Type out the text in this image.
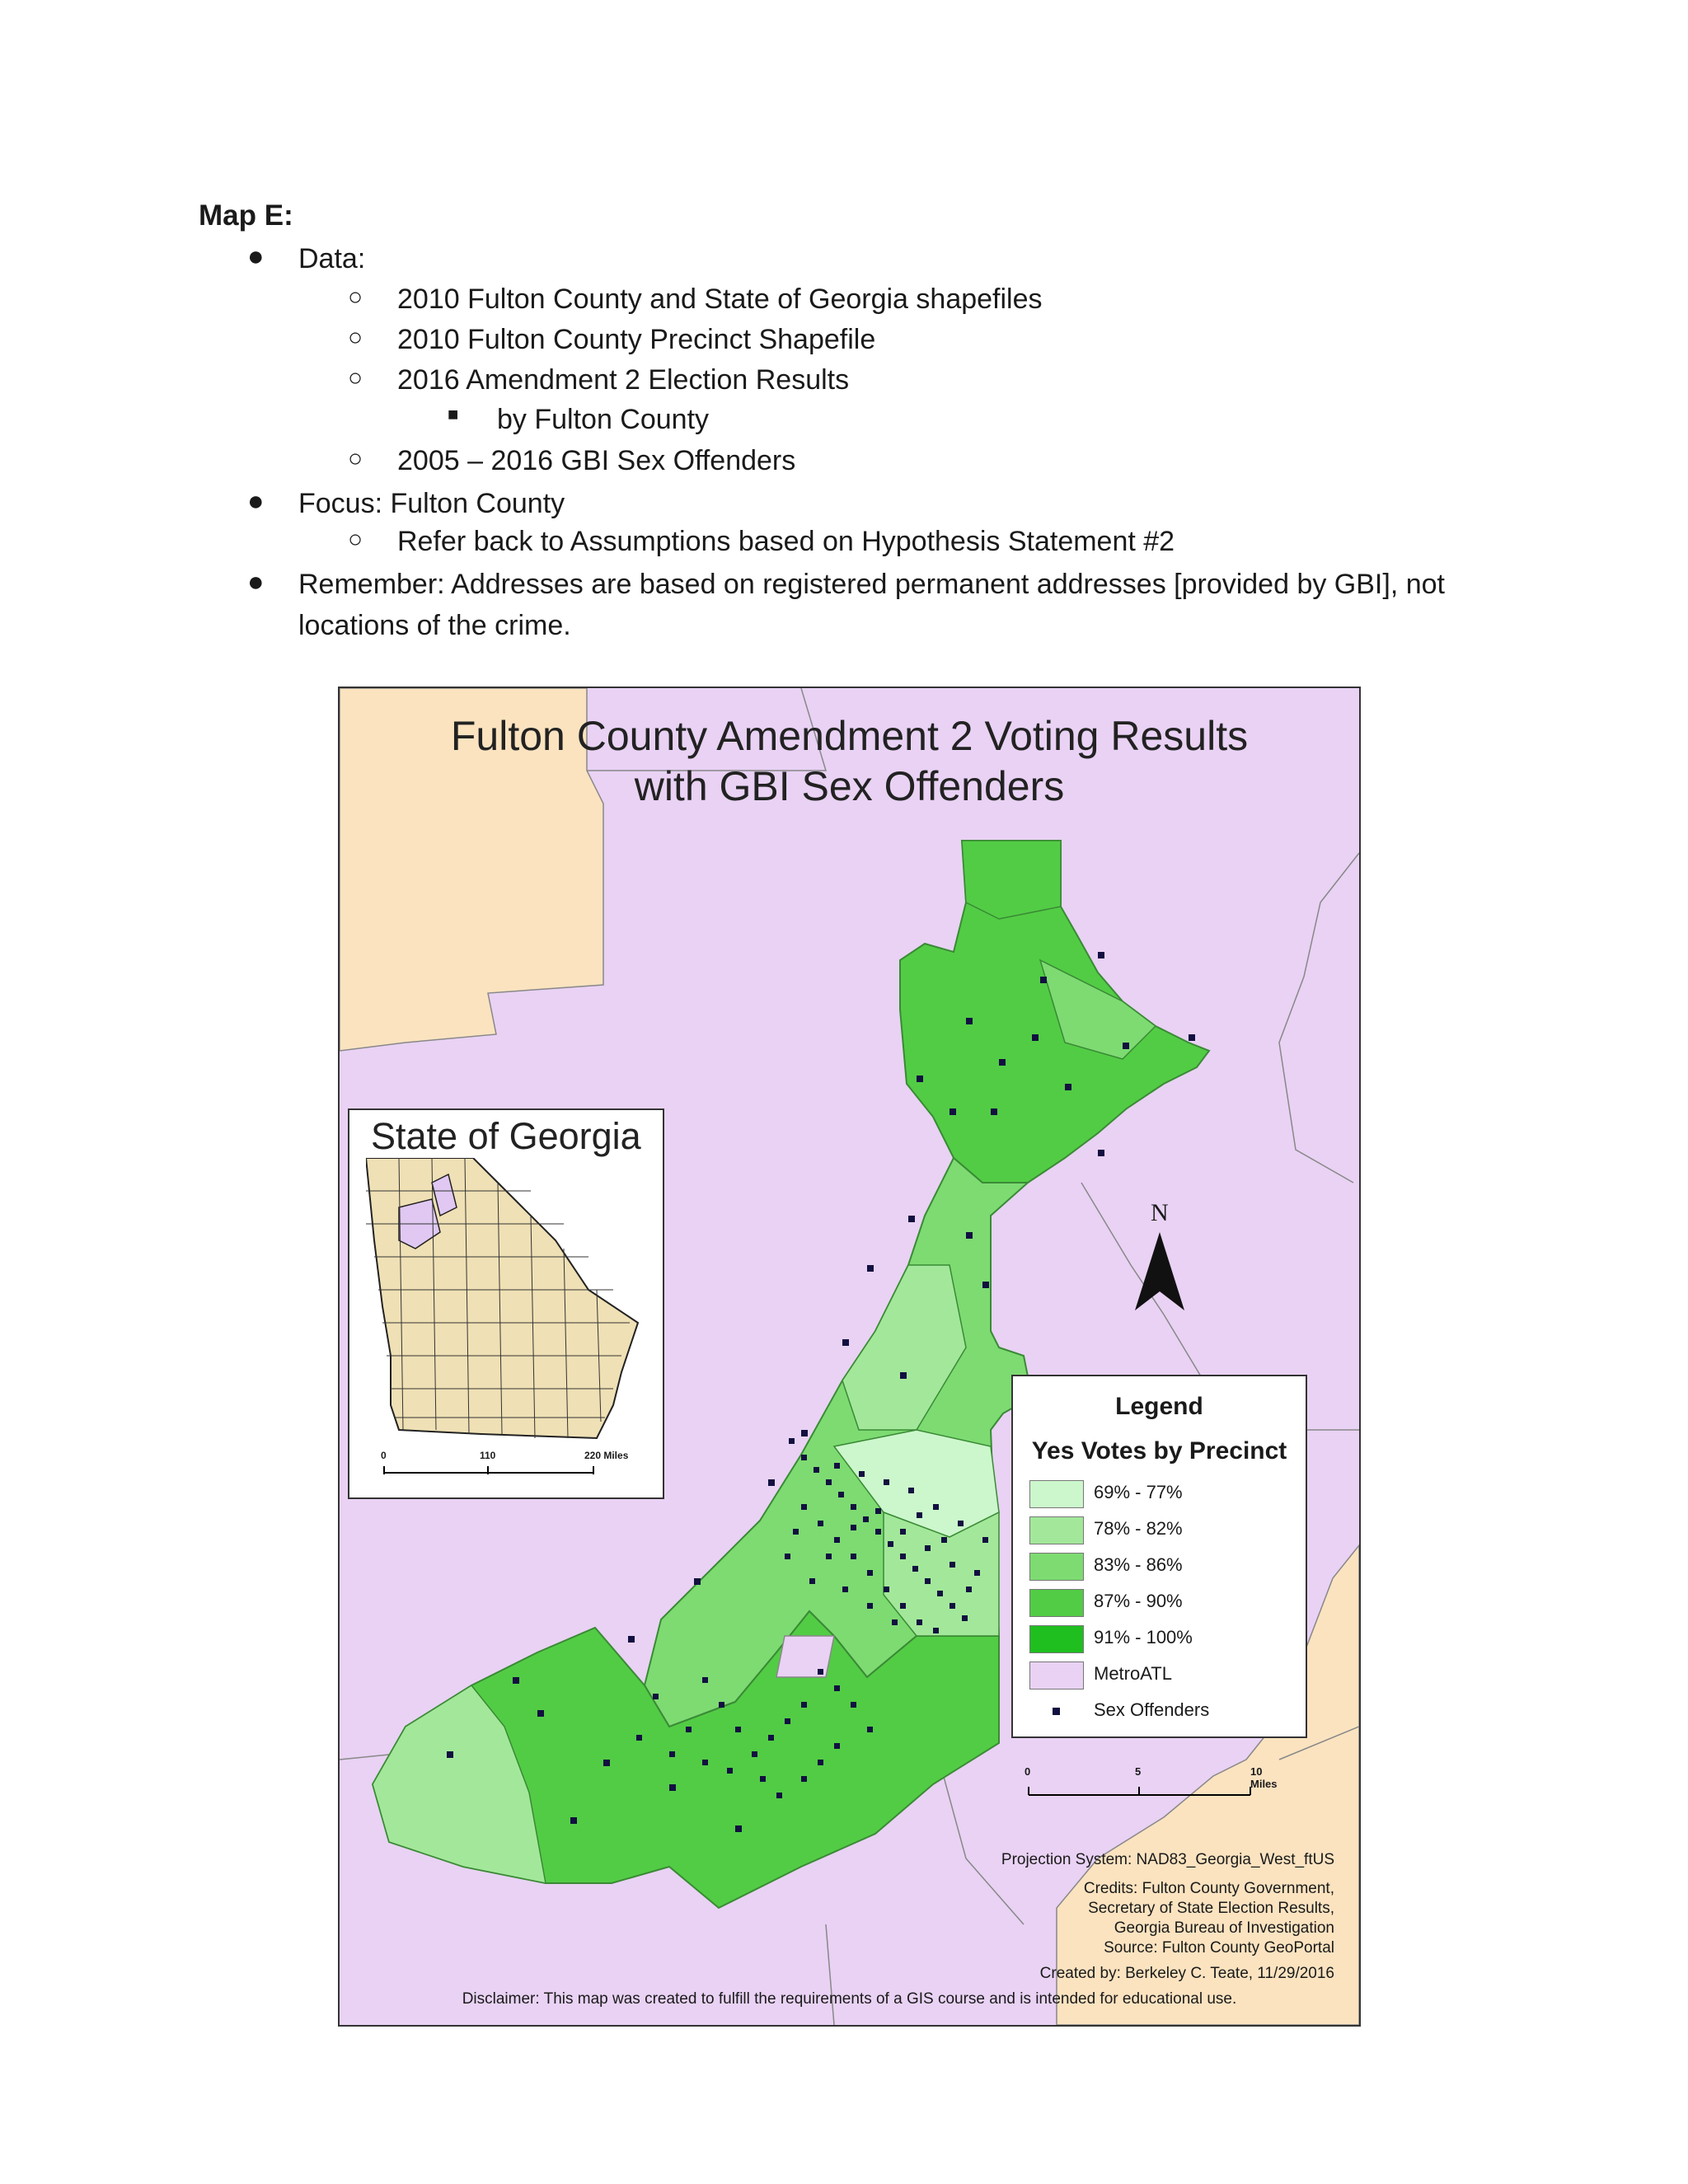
Map E:
● Data:
○ 2010 Fulton County and State of Georgia shapefiles
○ 2010 Fulton County Precinct Shapefile
○ 2016 Amendment 2 Election Results
■ by Fulton County
○ 2005 – 2016 GBI Sex Offenders
● Focus: Fulton County
○ Refer back to Assumptions based on Hypothesis Statement #2
● Remember: Addresses are based on registered permanent addresses [provided by GBI], not
locations of the crime.
Fulton County Amendment 2 Voting Results
with GBI Sex Offenders
State of Georgia
0	110	220 Miles
N
Legend
Yes Votes by Precinct
69% - 77%
78% - 82%
83% - 86%
87% - 90%
91% - 100%
MetroATL
Sex Offenders
0	5	10 Miles
Projection System: NAD83_Georgia_West_ftUS
Credits: Fulton County Government,
Secretary of State Election Results,
Georgia Bureau of Investigation
Source: Fulton County GeoPortal
Created by: Berkeley C. Teate, 11/29/2016
Disclaimer: This map was created to fulfill the requirements of a GIS course and is intended for educational use.
